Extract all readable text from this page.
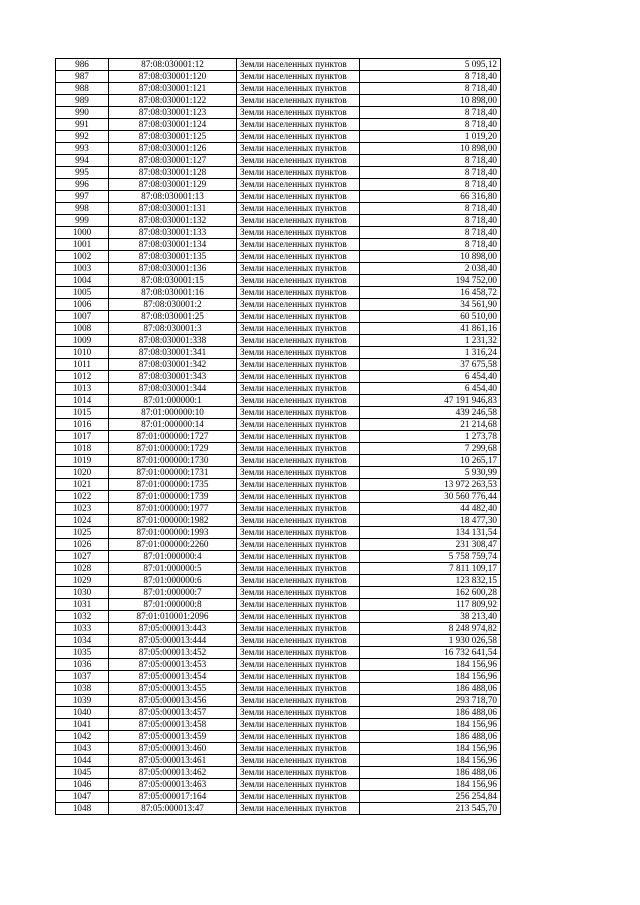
986	87:08:030001:12	Земли населенных пунктов	5 095,12
987	87:08:030001:120	Земли населенных пунктов	8 718,40
988	87:08:030001:121	Земли населенных пунктов	8 718,40
989	87:08:030001:122	Земли населенных пунктов	10 898,00
990	87:08:030001:123	Земли населенных пунктов	8 718,40
991	87:08:030001:124	Земли населенных пунктов	8 718,40
992	87:08:030001:125	Земли населенных пунктов	1 019,20
993	87:08:030001:126	Земли населенных пунктов	10 898,00
994	87:08:030001:127	Земли населенных пунктов	8 718,40
995	87:08:030001:128	Земли населенных пунктов	8 718,40
996	87:08:030001:129	Земли населенных пунктов	8 718,40
997	87:08:030001:13	Земли населенных пунктов	66 316,80
998	87:08:030001:131	Земли населенных пунктов	8 718,40
999	87:08:030001:132	Земли населенных пунктов	8 718,40
1000	87:08:030001:133	Земли населенных пунктов	8 718,40
1001	87:08:030001:134	Земли населенных пунктов	8 718,40
1002	87:08:030001:135	Земли населенных пунктов	10 898,00
1003	87:08:030001:136	Земли населенных пунктов	2 038,40
1004	87:08:030001:15	Земли населенных пунктов	194 752,00
1005	87:08:030001:16	Земли населенных пунктов	16 458,72
1006	87:08:030001:2	Земли населенных пунктов	34 561,90
1007	87:08:030001:25	Земли населенных пунктов	60 510,00
1008	87:08:030001:3	Земли населенных пунктов	41 861,16
1009	87:08:030001:338	Земли населенных пунктов	1 231,32
1010	87:08:030001:341	Земли населенных пунктов	1 316,24
1011	87:08:030001:342	Земли населенных пунктов	37 675,58
1012	87:08:030001:343	Земли населенных пунктов	6 454,40
1013	87:08:030001:344	Земли населенных пунктов	6 454,40
1014	87:01:000000:1	Земли населенных пунктов	47 191 946,83
1015	87:01:000000:10	Земли населенных пунктов	439 246,58
1016	87:01:000000:14	Земли населенных пунктов	21 214,68
1017	87:01:000000:1727	Земли населенных пунктов	1 273,78
1018	87:01:000000:1729	Земли населенных пунктов	7 299,68
1019	87:01:000000:1730	Земли населенных пунктов	10 265,17
1020	87:01:000000:1731	Земли населенных пунктов	5 930,99
1021	87:01:000000:1735	Земли населенных пунктов	13 972 263,53
1022	87:01:000000:1739	Земли населенных пунктов	30 560 776,44
1023	87:01:000000:1977	Земли населенных пунктов	44 482,40
1024	87:01:000000:1982	Земли населенных пунктов	18 477,30
1025	87:01:000000:1993	Земли населенных пунктов	134 131,54
1026	87:01:000000:2260	Земли населенных пунктов	231 308,47
1027	87:01:000000:4	Земли населенных пунктов	5 758 759,74
1028	87:01:000000:5	Земли населенных пунктов	7 811 109,17
1029	87:01:000000:6	Земли населенных пунктов	123 832,15
1030	87:01:000000:7	Земли населенных пунктов	162 600,28
1031	87:01:000000:8	Земли населенных пунктов	117 809,92
1032	87:01:010001:2096	Земли населенных пунктов	38 213,40
1033	87:05:000013:443	Земли населенных пунктов	8 248 974,82
1034	87:05:000013:444	Земли населенных пунктов	1 930 026,58
1035	87:05:000013:452	Земли населенных пунктов	16 732 641,54
1036	87:05:000013:453	Земли населенных пунктов	184 156,96
1037	87:05:000013:454	Земли населенных пунктов	184 156,96
1038	87:05:000013:455	Земли населенных пунктов	186 488,06
1039	87:05:000013:456	Земли населенных пунктов	293 718,70
1040	87:05:000013:457	Земли населенных пунктов	186 488,06
1041	87:05:000013:458	Земли населенных пунктов	184 156,96
1042	87:05:000013:459	Земли населенных пунктов	186 488,06
1043	87:05:000013:460	Земли населенных пунктов	184 156,96
1044	87:05:000013:461	Земли населенных пунктов	184 156,96
1045	87:05:000013:462	Земли населенных пунктов	186 488,06
1046	87:05:000013:463	Земли населенных пунктов	184 156,96
1047	87:05:000017:164	Земли населенных пунктов	256 254,84
1048	87:05:000013:47	Земли населенных пунктов	213 545,70
